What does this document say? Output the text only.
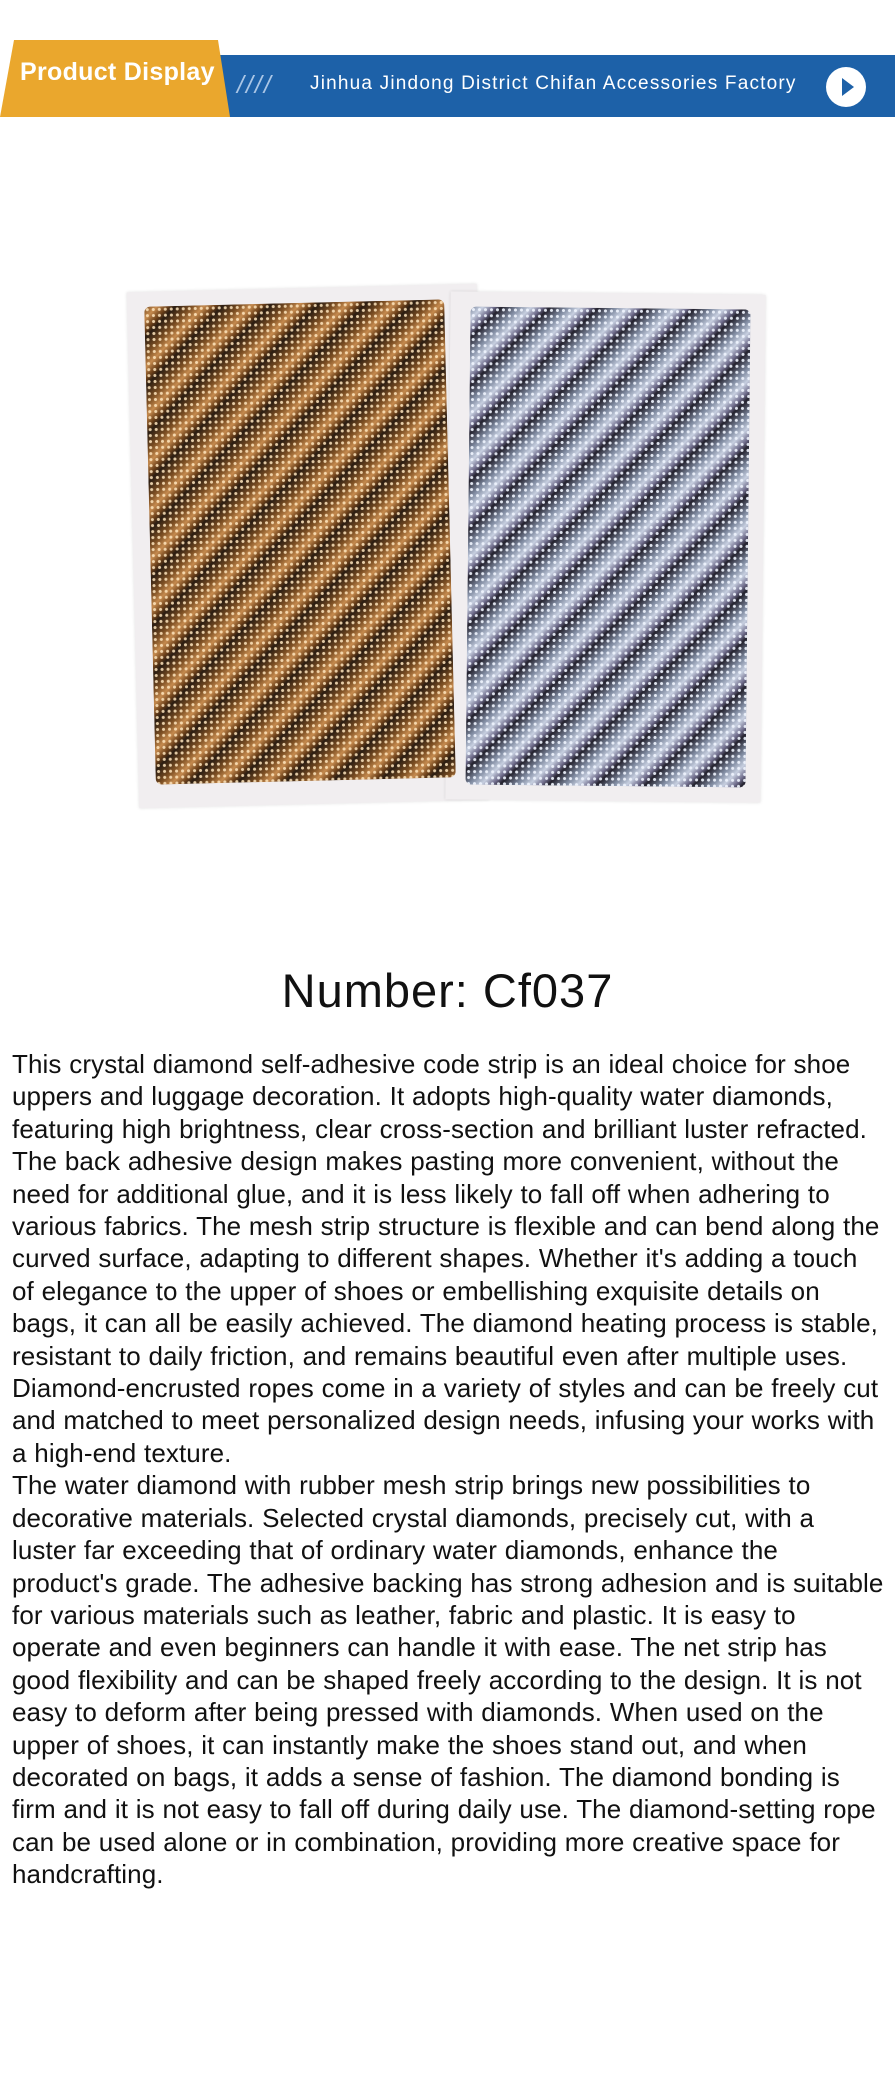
Product Display //// Jinhua Jindong District Chifan Accessories Factory
Number: Cf037

This crystal diamond self-adhesive code strip is an ideal choice for shoe uppers and luggage decoration. It adopts high-quality water diamonds, featuring high brightness, clear cross-section and brilliant luster refracted. The back adhesive design makes pasting more convenient, without the need for additional glue, and it is less likely to fall off when adhering to various fabrics. The mesh strip structure is flexible and can bend along the curved surface, adapting to different shapes. Whether it's adding a touch of elegance to the upper of shoes or embellishing exquisite details on bags, it can all be easily achieved. The diamond heating process is stable, resistant to daily friction, and remains beautiful even after multiple uses. Diamond-encrusted ropes come in a variety of styles and can be freely cut and matched to meet personalized design needs, infusing your works with a high-end texture.

The water diamond with rubber mesh strip brings new possibilities to decorative materials. Selected crystal diamonds, precisely cut, with a luster far exceeding that of ordinary water diamonds, enhance the product's grade. The adhesive backing has strong adhesion and is suitable for various materials such as leather, fabric and plastic. It is easy to operate and even beginners can handle it with ease. The net strip has good flexibility and can be shaped freely according to the design. It is not easy to deform after being pressed with diamonds. When used on the upper of shoes, it can instantly make the shoes stand out, and when decorated on bags, it adds a sense of fashion. The diamond bonding is firm and it is not easy to fall off during daily use. The diamond-setting rope can be used alone or in combination, providing more creative space for handcrafting.
